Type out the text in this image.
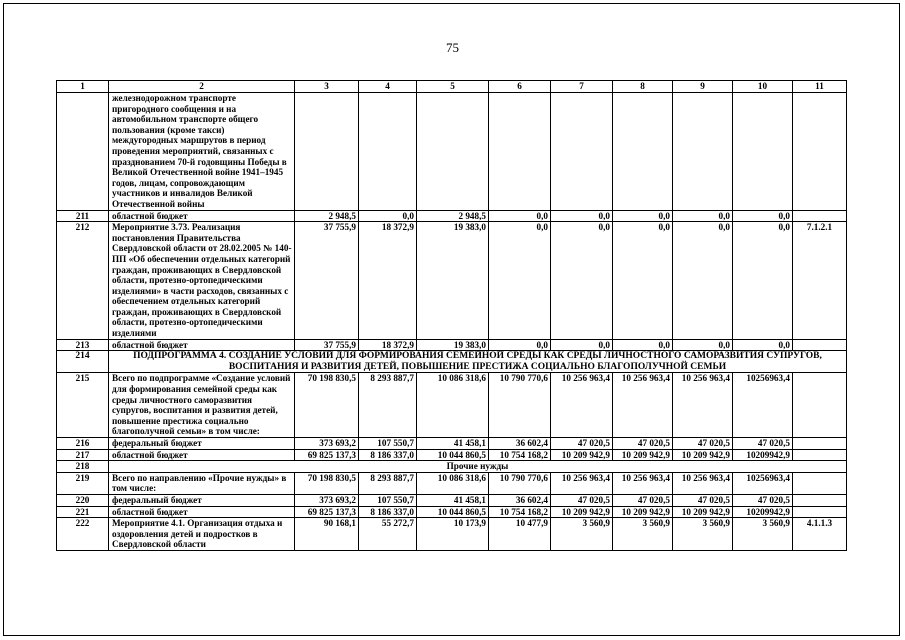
75
1	2	3	4	5	6	7	8	9	10	11
	железнодорожном транспорте пригородного сообщения и на автомобильном транспорте общего пользования (кроме такси) междугородных маршрутов в период проведения мероприятий, связанных с празднованием 70-й годовщины Победы в Великой Отечественной войне 1941–1945 годов, лицам, сопровождающим участников и инвалидов Великой Отечественной войны									
211	областной бюджет	2 948,5	0,0	2 948,5	0,0	0,0	0,0	0,0	0,0	
212	Мероприятие 3.73. Реализация постановления Правительства Свердловской области от 28.02.2005 № 140-ПП «Об обеспечении отдельных категорий граждан, проживающих в Свердловской области, протезно-ортопедическими изделиями» в части расходов, связанных с обеспечением отдельных категорий граждан, проживающих в Свердловской области, протезно-ортопедическими изделиями	37 755,9	18 372,9	19 383,0	0,0	0,0	0,0	0,0	0,0	7.1.2.1
213	областной бюджет	37 755,9	18 372,9	19 383,0	0,0	0,0	0,0	0,0	0,0	
214	ПОДПРОГРАММА 4. СОЗДАНИЕ УСЛОВИЙ ДЛЯ ФОРМИРОВАНИЯ СЕМЕЙНОЙ СРЕДЫ КАК СРЕДЫ ЛИЧНОСТНОГО САМОРАЗВИТИЯ СУПРУГОВ, ВОСПИТАНИЯ И РАЗВИТИЯ ДЕТЕЙ, ПОВЫШЕНИЕ ПРЕСТИЖА СОЦИАЛЬНО БЛАГОПОЛУЧНОЙ СЕМЬИ									
215	Всего по подпрограмме «Создание условий для формирования семейной среды как среды личностного саморазвития супругов, воспитания и развития детей, повышение престижа социально благополучной семьи» в том числе:	70 198 830,5	8 293 887,7	10 086 318,6	10 790 770,6	10 256 963,4	10 256 963,4	10 256 963,4	10256963,4	
216	федеральный бюджет	373 693,2	107 550,7	41 458,1	36 602,4	47 020,5	47 020,5	47 020,5	47 020,5	
217	областной бюджет	69 825 137,3	8 186 337,0	10 044 860,5	10 754 168,2	10 209 942,9	10 209 942,9	10 209 942,9	10209942,9	
218	Прочие нужды									
219	Всего по направлению «Прочие нужды» в том числе:	70 198 830,5	8 293 887,7	10 086 318,6	10 790 770,6	10 256 963,4	10 256 963,4	10 256 963,4	10256963,4	
220	федеральный бюджет	373 693,2	107 550,7	41 458,1	36 602,4	47 020,5	47 020,5	47 020,5	47 020,5	
221	областной бюджет	69 825 137,3	8 186 337,0	10 044 860,5	10 754 168,2	10 209 942,9	10 209 942,9	10 209 942,9	10209942,9	
222	Мероприятие 4.1. Организация отдыха и оздоровления детей и подростков в Свердловской области	90 168,1	55 272,7	10 173,9	10 477,9	3 560,9	3 560,9	3 560,9	3 560,9	4.1.1.3
